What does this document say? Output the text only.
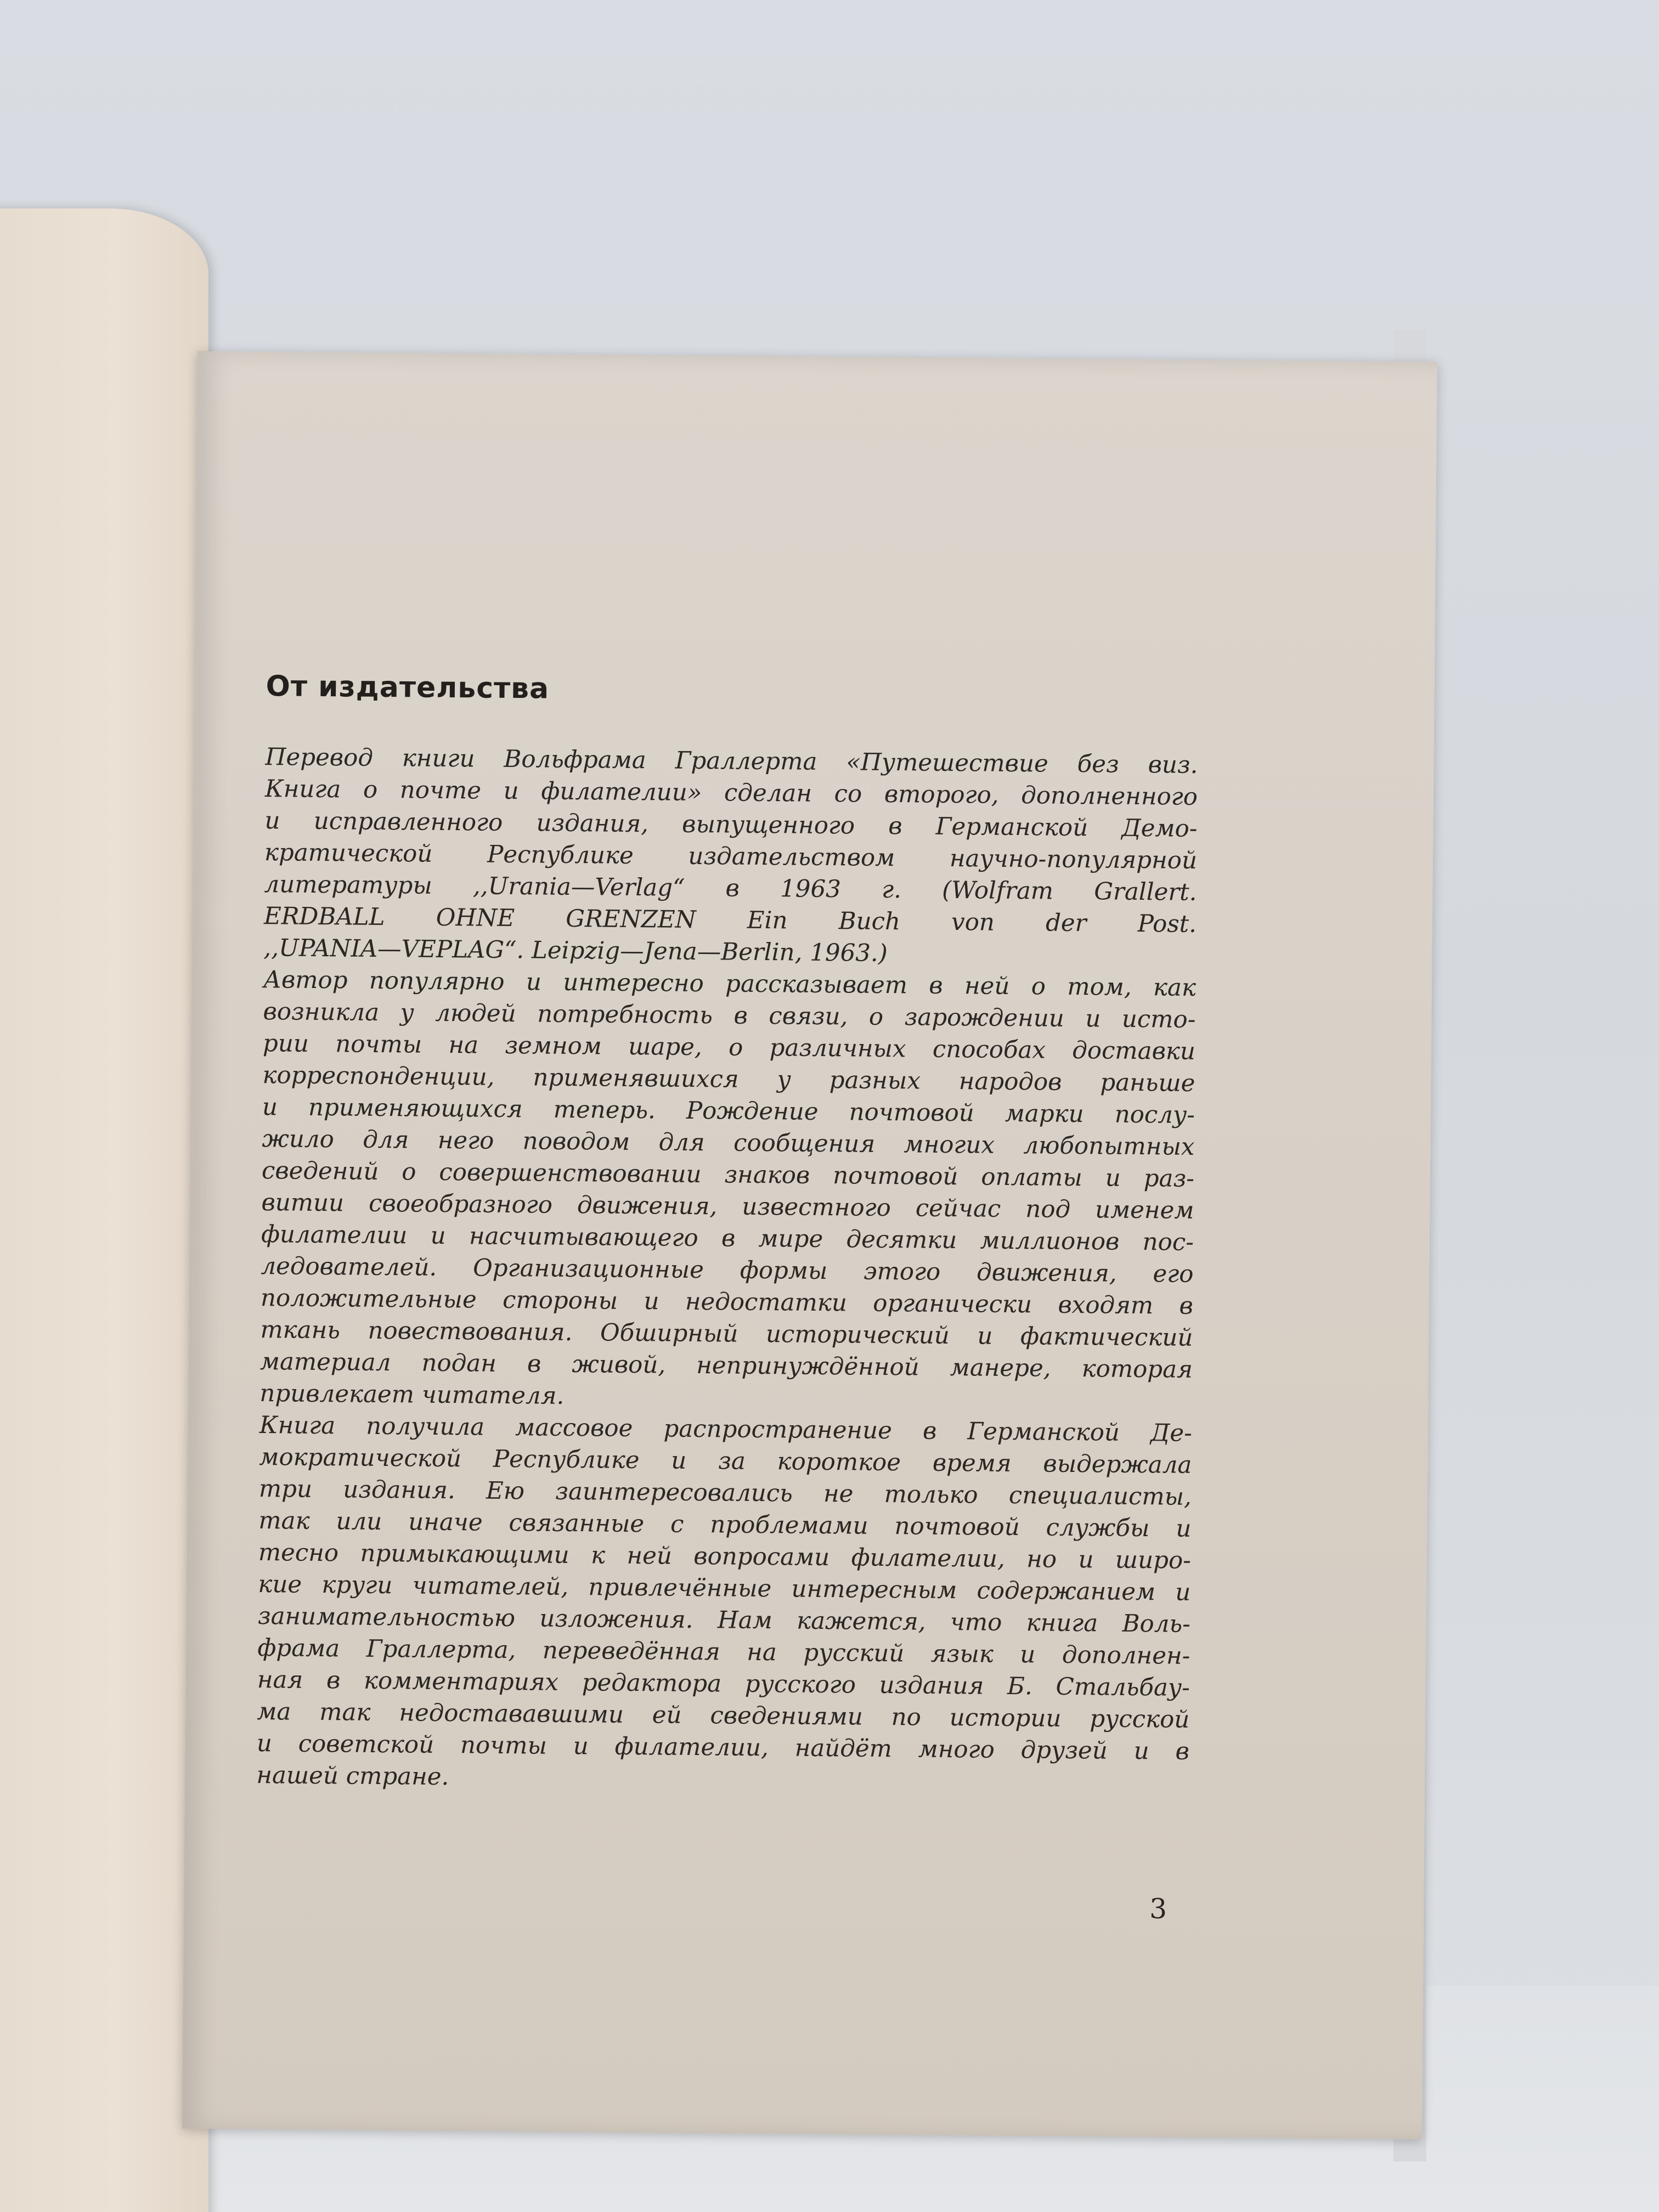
От издательства
Перевод книги Вольфрама Граллерта «Путешествие без виз.
Книга о почте и филателии» сделан со второго, дополненного
и исправленного издания, выпущенного в Германской Демо-
кратической Республике издательством научно-популярной
литературы ,,Urania—Verlag“ в 1963 г. (Wolfram Grallert.
ERDBALL OHNE GRENZEN Ein Buch von der Post.
,,UPANIA—VEPLAG“. Leipzig—Jena—Berlin, 1963.)
Автор популярно и интересно рассказывает в ней о том, как
возникла у людей потребность в связи, о зарождении и исто-
рии почты на земном шаре, о различных способах доставки
корреспонденции, применявшихся у разных народов раньше
и применяющихся теперь. Рождение почтовой марки послу-
жило для него поводом для сообщения многих любопытных
сведений о совершенствовании знаков почтовой оплаты и раз-
витии своеобразного движения, известного сейчас под именем
филателии и насчитывающего в мире десятки миллионов пос-
ледователей. Организационные формы этого движения, его
положительные стороны и недостатки органически входят в
ткань повествования. Обширный исторический и фактический
материал подан в живой, непринуждённой манере, которая
привлекает читателя.
Книга получила массовое распространение в Германской Де-
мократической Республике и за короткое время выдержала
три издания. Ею заинтересовались не только специалисты,
так или иначе связанные с проблемами почтовой службы и
тесно примыкающими к ней вопросами филателии, но и широ-
кие круги читателей, привлечённые интересным содержанием и
занимательностью изложения. Нам кажется, что книга Воль-
фрама Граллерта, переведённая на русский язык и дополнен-
ная в комментариях редактора русского издания Б. Стальбау-
ма так недостававшими ей сведениями по истории русской
и советской почты и филателии, найдёт много друзей и в
нашей стране.
3
